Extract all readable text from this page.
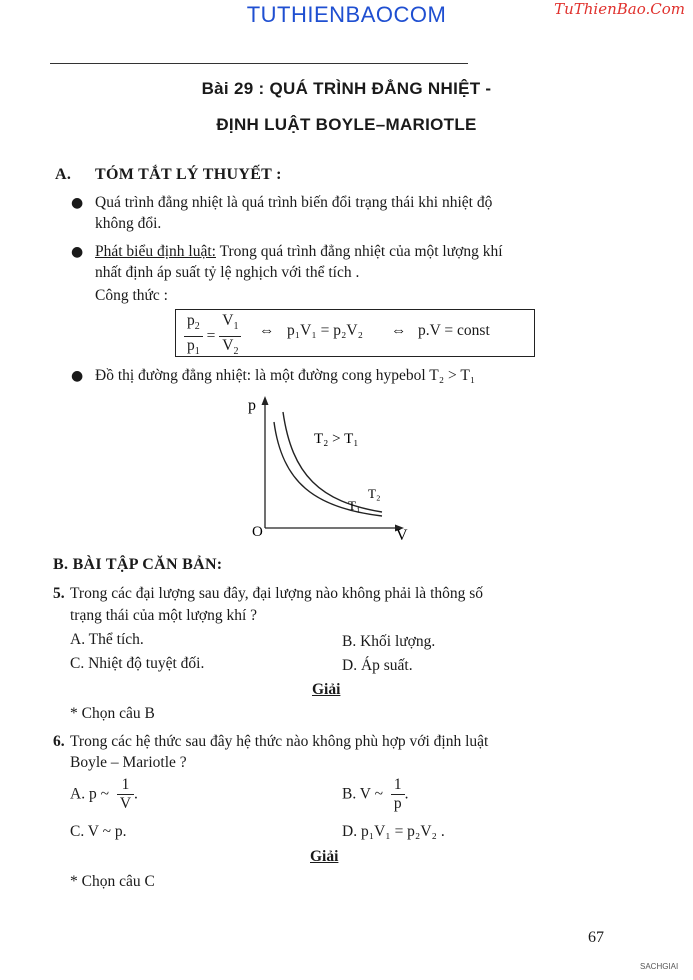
TUTHIENBAOCOM	TuThienBao.Com
Bài 29 : QUÁ TRÌNH ĐẲNG NHIỆT -
ĐỊNH LUẬT BOYLE–MARIOTLE
A. TÓM TẮT LÝ THUYẾT :
● Quá trình đẳng nhiệt là quá trình biến đổi trạng thái khi nhiệt độ
không đổi.
● Phát biểu định luật: Trong quá trình đẳng nhiệt của một lượng khí
nhất định áp suất tỷ lệ nghịch với thể tích .
Công thức :
$\frac{p_2}{p_1} = \frac{V_1}{V_2}$ ⇔ p₁V₁ = p₂V₂ ⇔ p.V = const
● Đồ thị đường đẳng nhiệt: là một đường cong hypebol T₂ > T₁
p
V
O
T₂ > T₁
T₂
T₁
B. BÀI TẬP CĂN BẢN:
5. Trong các đại lượng sau đây, đại lượng nào không phải là thông số
trạng thái của một lượng khí ?
A. Thể tích.	B. Khối lượng.
C. Nhiệt độ tuyệt đối.	D. Áp suất.
Giải
* Chọn câu B
6. Trong các hệ thức sau đây hệ thức nào không phù hợp với định luật
Boyle – Mariotle ?
A. p ~ $\frac{1}{V}$ .	B. V ~ $\frac{1}{p}$ .
C. V ~ p.	D. p₁V₁ = p₂V₂ .
Giải
* Chọn câu C
67
SACHGIAI
